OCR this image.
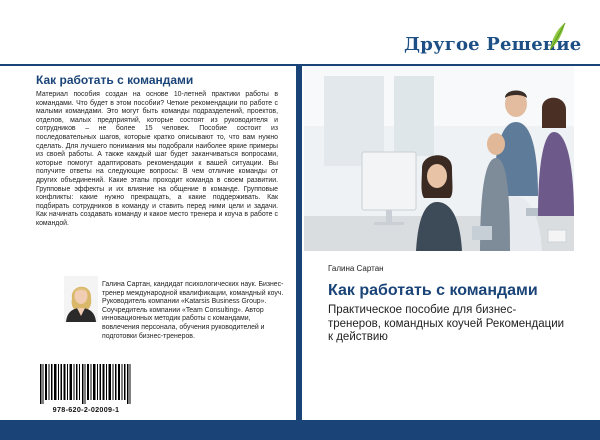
Другое Решение
Как работать с командами
Материал пособия создан на основе 10-летней практики работы в командами. Что будет в этом пособии? Четкие рекомендации по работе с малыми командами. Это могут быть команды подразделений, проектов, отделов, малых предприятий, которые состоят из руководителя и сотрудников – не более 15 человек. Пособие состоит из последовательных шагов, которые кратко описывают то, что вам нужно сделать. Для лучшего понимания мы подобрали наиболее яркие примеры из своей работы. А также каждый шаг будет заканчиваться вопросами, которые помогут адаптировать рекомендации к вашей ситуации. Вы получите ответы на следующие вопросы: В чем отличие команды от других объединений. Какие этапы проходит команда в своем развитии. Групповые эффекты и их влияние на общение в команде. Групповые конфликты: какие нужно прекращать, а какие поддерживать. Как подбирать сотрудников в команду и ставить перед ними цели и задачи. Как начинать создавать команду и какое место тренера и коуча в работе с командой.
Галина Сартан, кандидат психологических наук. Бизнес-тренер международной квалификации, командный коуч. Руководитель компании «Katarsis Business Group». Соучредитель компании «Team Consulting». Автор инновационных методик работы с командами, вовлечения персонала, обучения руководителей и подготовки бизнес-тренеров.
978-620-2-02009-1
Галина Сартан
Как работать с командами
Практическое пособие для бизнес-тренеров, командных коучей Рекомендации к действию
